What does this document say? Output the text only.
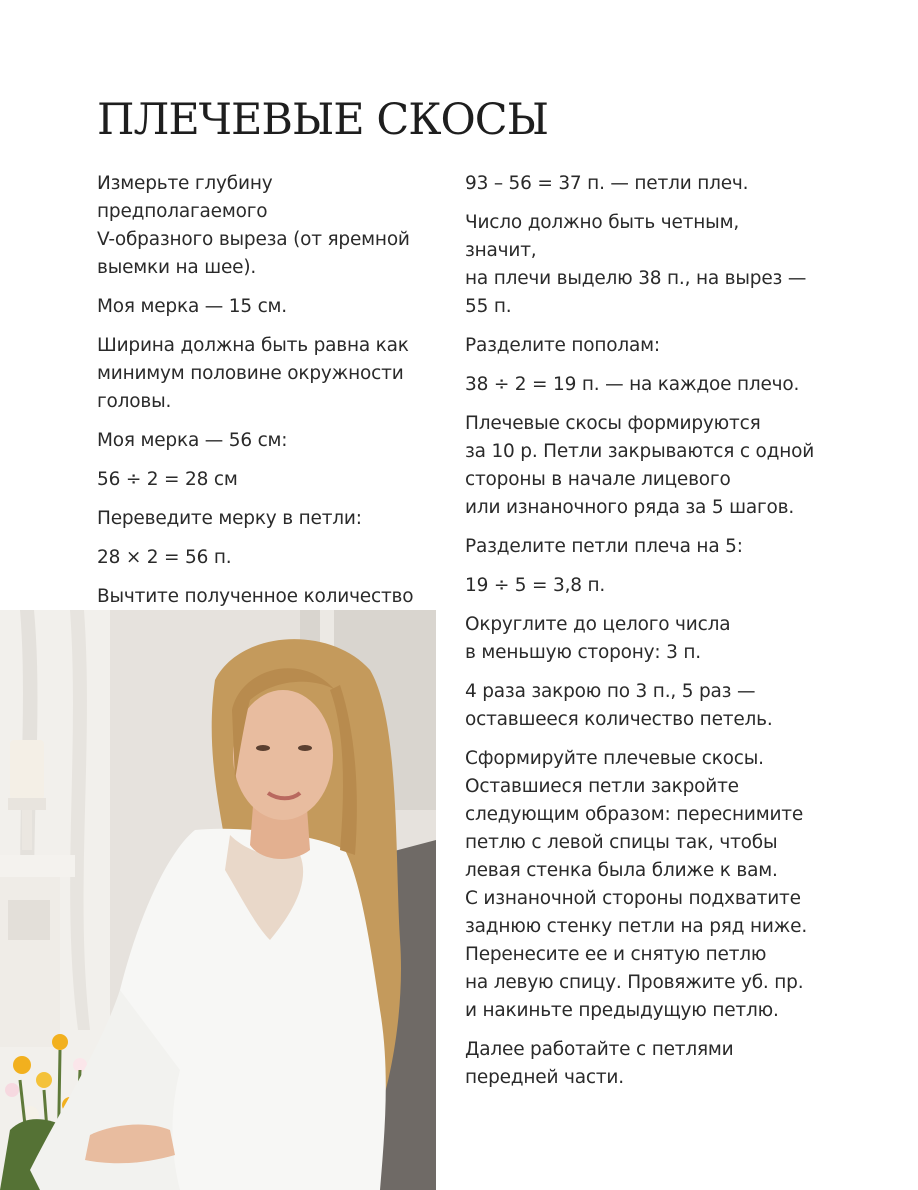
ПЛЕЧЕВЫЕ СКОСЫ

Измерьте глубину предполагаемого
V-образного выреза (от яремной
выемки на шее).

Моя мерка — 15 см.

Ширина должна быть равна как
минимум половине окружности головы.

Моя мерка — 56 см:

56 ÷ 2 = 28 см

Переведите мерку в петли:

28 × 2 = 56 п.

Вычтите полученное количество

93 – 56 = 37 п. — петли плеч.

Число должно быть четным, значит,
на плечи выделю 38 п., на вырез — 55 п.

Разделите пополам:

38 ÷ 2 = 19 п. — на каждое плечо.

Плечевые скосы формируются
за 10 р. Петли закрываются с одной
стороны в начале лицевого
или изнаночного ряда за 5 шагов.

Разделите петли плеча на 5:

19 ÷ 5 = 3,8 п.

Округлите до целого числа
в меньшую сторону: 3 п.

4 раза закрою по 3 п., 5 раз —
оставшееся количество петель.

Сформируйте плечевые скосы.
Оставшиеся петли закройте
следующим образом: переснимите
петлю с левой спицы так, чтобы
левая стенка была ближе к вам.
С изнаночной стороны подхватите
заднюю стенку петли на ряд ниже.
Перенесите ее и снятую петлю
на левую спицу. Провяжите уб. пр.
и накиньте предыдущую петлю.

Далее работайте с петлями
передней части.
